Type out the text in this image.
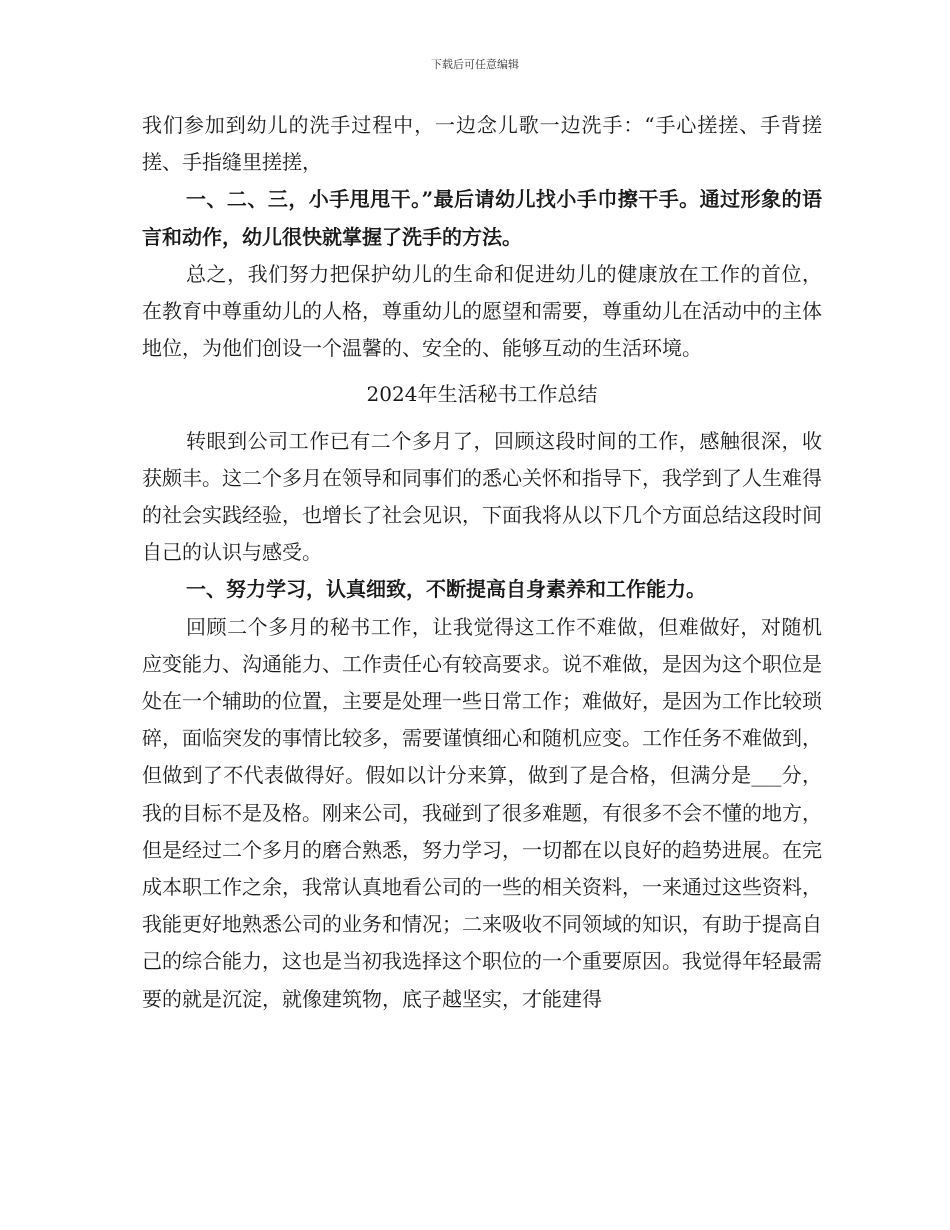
下载后可任意编辑

我们参加到幼儿的洗手过程中，一边念儿歌一边洗手：“手心搓搓、手背搓搓、手指缝里搓搓，

一、二、三，小手甩甩干。”最后请幼儿找小手巾擦干手。通过形象的语言和动作，幼儿很快就掌握了洗手的方法。

总之，我们努力把保护幼儿的生命和促进幼儿的健康放在工作的首位，在教育中尊重幼儿的人格，尊重幼儿的愿望和需要，尊重幼儿在活动中的主体地位，为他们创设一个温馨的、安全的、能够互动的生活环境。

2024年生活秘书工作总结

转眼到公司工作已有二个多月了，回顾这段时间的工作，感触很深，收获颇丰。这二个多月在领导和同事们的悉心关怀和指导下，我学到了人生难得的社会实践经验，也增长了社会见识，下面我将从以下几个方面总结这段时间自己的认识与感受。

一、努力学习，认真细致，不断提高自身素养和工作能力。

回顾二个多月的秘书工作，让我觉得这工作不难做，但难做好，对随机应变能力、沟通能力、工作责任心有较高要求。说不难做，是因为这个职位是处在一个辅助的位置，主要是处理一些日常工作；难做好，是因为工作比较琐碎，面临突发的事情比较多，需要谨慎细心和随机应变。工作任务不难做到，但做到了不代表做得好。假如以计分来算，做到了是合格，但满分是___分，我的目标不是及格。刚来公司，我碰到了很多难题，有很多不会不懂的地方，但是经过二个多月的磨合熟悉，努力学习，一切都在以良好的趋势进展。在完成本职工作之余，我常认真地看公司的一些的相关资料，一来通过这些资料，我能更好地熟悉公司的业务和情况；二来吸收不同领域的知识，有助于提高自己的综合能力，这也是当初我选择这个职位的一个重要原因。我觉得年轻最需要的就是沉淀，就像建筑物，底子越坚实，才能建得
